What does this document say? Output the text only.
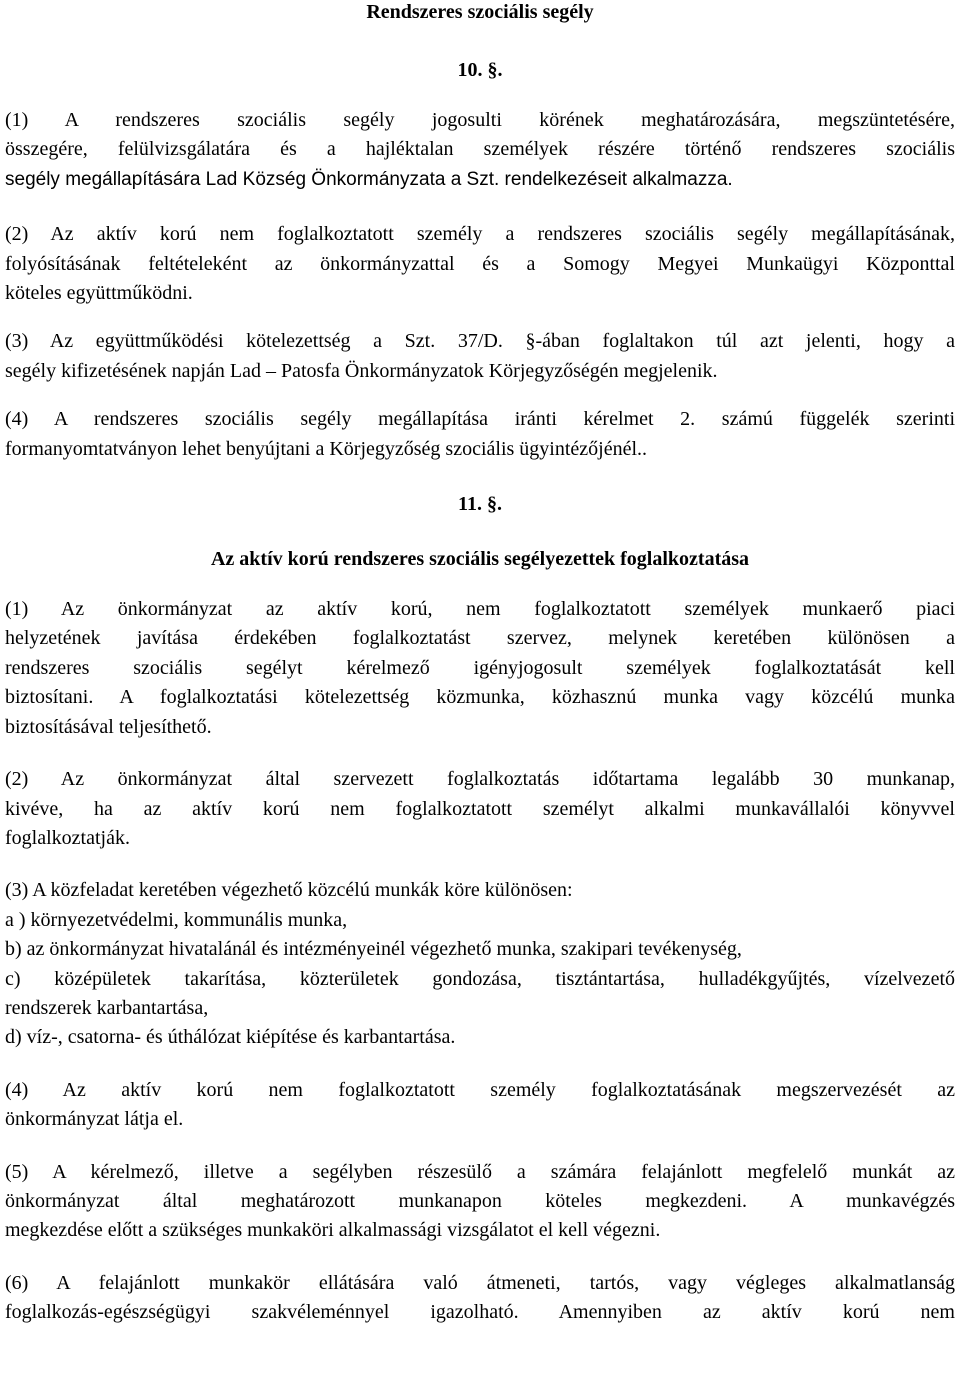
Rendszeres szociális segély
10. §.

(1) A rendszeres szociális segély jogosulti körének meghatározására, megszüntetésére,
összegére, felülvizsgálatára és a hajléktalan személyek részére történő rendszeres szociális
segély megállapítására Lad Község Önkormányzata a Szt. rendelkezéseit alkalmazza.

(2) Az aktív korú nem foglalkoztatott személy a rendszeres szociális segély megállapításának,
folyósításának feltételeként az önkormányzattal és a Somogy Megyei Munkaügyi Központtal
köteles együttműködni.

(3) Az együttműködési kötelezettség a Szt. 37/D. §-ában foglaltakon túl azt jelenti, hogy a
segély kifizetésének napján Lad – Patosfa Önkormányzatok Körjegyzőségén megjelenik.

(4) A rendszeres szociális segély megállapítása iránti kérelmet 2. számú függelék szerinti
formanyomtatványon lehet benyújtani a Körjegyzőség szociális ügyintézőjénél..

11. §.
Az aktív korú rendszeres szociális segélyezettek foglalkoztatása

(1) Az önkormányzat az aktív korú, nem foglalkoztatott személyek munkaerő piaci
helyzetének javítása érdekében foglalkoztatást szervez, melynek keretében különösen a
rendszeres szociális segélyt kérelmező igényjogosult személyek foglalkoztatását kell
biztosítani. A foglalkoztatási kötelezettség közmunka, közhasznú munka vagy közcélú munka
biztosításával teljesíthető.

(2) Az önkormányzat által szervezett foglalkoztatás időtartama legalább 30 munkanap,
kivéve, ha az aktív korú nem foglalkoztatott személyt alkalmi munkavállalói könyvvel
foglalkoztatják.

(3) A közfeladat keretében végezhető közcélú munkák köre különösen:
a ) környezetvédelmi, kommunális munka,
b) az önkormányzat hivatalánál és intézményeinél végezhető munka, szakipari tevékenység,
c) középületek takarítása, közterületek gondozása, tisztántartása, hulladékgyűjtés, vízelvezető
rendszerek karbantartása,
d) víz-, csatorna- és úthálózat kiépítése és karbantartása.

(4) Az aktív korú nem foglalkoztatott személy foglalkoztatásának megszervezését az
önkormányzat látja el.

(5) A kérelmező, illetve a segélyben részesülő a számára felajánlott megfelelő munkát az
önkormányzat által meghatározott munkanapon köteles megkezdeni. A munkavégzés
megkezdése előtt a szükséges munkaköri alkalmassági vizsgálatot el kell végezni.

(6) A felajánlott munkakör ellátására való átmeneti, tartós, vagy végleges alkalmatlanság
foglalkozás-egészségügyi szakvéleménnyel igazolható. Amennyiben az aktív korú nem
